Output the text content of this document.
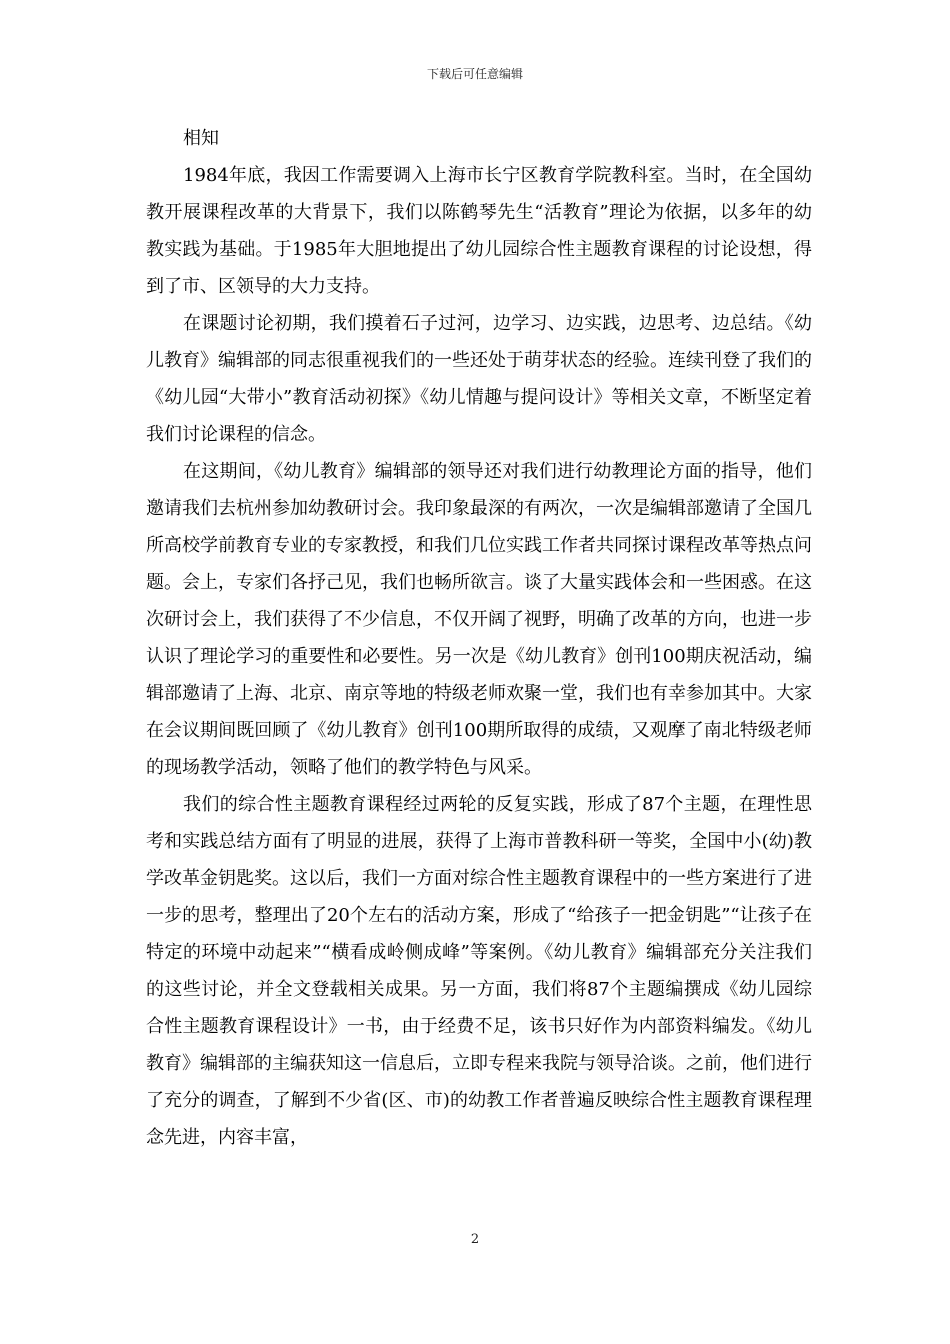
下载后可任意编辑

相知

1984年底，我因工作需要调入上海市长宁区教育学院教科室。当时，在全国幼教开展课程改革的大背景下，我们以陈鹤琴先生“活教育”理论为依据，以多年的幼教实践为基础。于1985年大胆地提出了幼儿园综合性主题教育课程的讨论设想，得到了市、区领导的大力支持。

在课题讨论初期，我们摸着石子过河，边学习、边实践，边思考、边总结。《幼儿教育》编辑部的同志很重视我们的一些还处于萌芽状态的经验。连续刊登了我们的《幼儿园“大带小”教育活动初探》《幼儿情趣与提问设计》等相关文章，不断坚定着我们讨论课程的信念。

在这期间，《幼儿教育》编辑部的领导还对我们进行幼教理论方面的指导，他们邀请我们去杭州参加幼教研讨会。我印象最深的有两次，一次是编辑部邀请了全国几所高校学前教育专业的专家教授，和我们几位实践工作者共同探讨课程改革等热点问题。会上，专家们各抒己见，我们也畅所欲言。谈了大量实践体会和一些困惑。在这次研讨会上，我们获得了不少信息，不仅开阔了视野，明确了改革的方向，也进一步认识了理论学习的重要性和必要性。另一次是《幼儿教育》创刊100期庆祝活动，编辑部邀请了上海、北京、南京等地的特级老师欢聚一堂，我们也有幸参加其中。大家在会议期间既回顾了《幼儿教育》创刊100期所取得的成绩，又观摩了南北特级老师的现场教学活动，领略了他们的教学特色与风采。

我们的综合性主题教育课程经过两轮的反复实践，形成了87个主题，在理性思考和实践总结方面有了明显的进展，获得了上海市普教科研一等奖，全国中小(幼)教学改革金钥匙奖。这以后，我们一方面对综合性主题教育课程中的一些方案进行了进一步的思考，整理出了20个左右的活动方案，形成了“给孩子一把金钥匙”“让孩子在特定的环境中动起来”“横看成岭侧成峰”等案例。《幼儿教育》编辑部充分关注我们的这些讨论，并全文登载相关成果。另一方面，我们将87个主题编撰成《幼儿园综合性主题教育课程设计》一书，由于经费不足，该书只好作为内部资料编发。《幼儿教育》编辑部的主编获知这一信息后，立即专程来我院与领导洽谈。之前，他们进行了充分的调查，了解到不少省(区、市)的幼教工作者普遍反映综合性主题教育课程理念先进，内容丰富，

2
